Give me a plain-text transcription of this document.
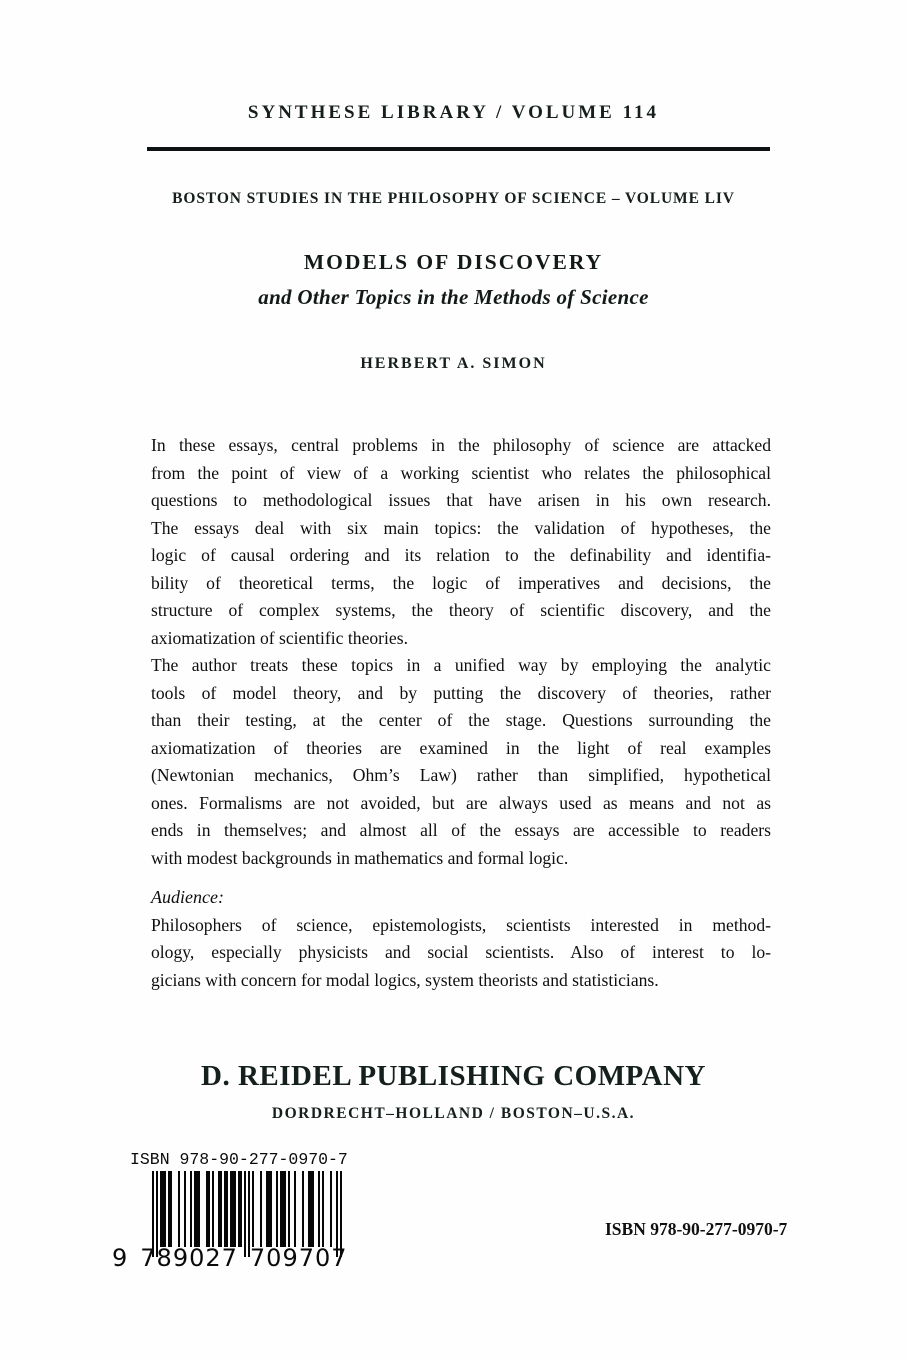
SYNTHESE LIBRARY / VOLUME 114
BOSTON STUDIES IN THE PHILOSOPHY OF SCIENCE – VOLUME LIV
MODELS OF DISCOVERY
and Other Topics in the Methods of Science
HERBERT A. SIMON
In these essays, central problems in the philosophy of science are attacked
from the point of view of a working scientist who relates the philosophical
questions to methodological issues that have arisen in his own research.
The essays deal with six main topics: the validation of hypotheses, the
logic of causal ordering and its relation to the definability and identifia-
bility of theoretical terms, the logic of imperatives and decisions, the
structure of complex systems, the theory of scientific discovery, and the
axiomatization of scientific theories.
The author treats these topics in a unified way by employing the analytic
tools of model theory, and by putting the discovery of theories, rather
than their testing, at the center of the stage. Questions surrounding the
axiomatization of theories are examined in the light of real examples
(Newtonian mechanics, Ohm’s Law) rather than simplified, hypothetical
ones. Formalisms are not avoided, but are always used as means and not as
ends in themselves; and almost all of the essays are accessible to readers
with modest backgrounds in mathematics and formal logic.
Audience:
Philosophers of science, epistemologists, scientists interested in method-
ology, especially physicists and social scientists. Also of interest to lo-
gicians with concern for modal logics, system theorists and statisticians.
D. REIDEL PUBLISHING COMPANY
DORDRECHT–HOLLAND / BOSTON–U.S.A.
ISBN 978-90-277-0970-7
9 789027 709707
ISBN 978-90-277-0970-7
